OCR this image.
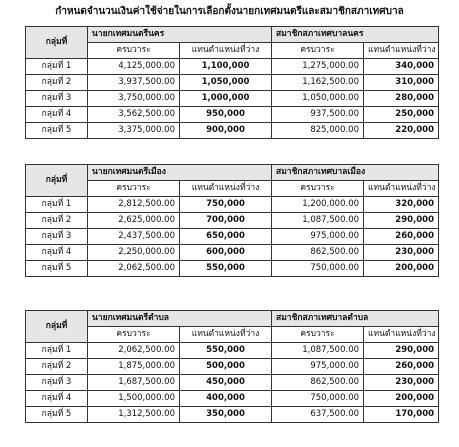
กำหนดจำนวนเงินค่าใช้จ่ายในการเลือกตั้งนายกเทศมนตรีและสมาชิกสภาเทศบาล
กลุ่มที่	นายกเทศมนตรีนคร		สมาชิกสภาเทศบาลนคร	
	ครบวาระ	แทนตำแหน่งที่ว่าง	ครบวาระ	แทนตำแหน่งที่ว่าง
กลุ่มที่ 1	4,125,000.00	1,100,000	1,275,000.00	340,000
กลุ่มที่ 2	3,937,500.00	1,050,000	1,162,500.00	310,000
กลุ่มที่ 3	3,750,000.00	1,000,000	1,050,000.00	280,000
กลุ่มที่ 4	3,562,500.00	950,000	937,500.00	250,000
กลุ่มที่ 5	3,375,000.00	900,000	825,000.00	220,000
กลุ่มที่	นายกเทศมนตรีเมือง		สมาชิกสภาเทศบาลเมือง	
	ครบวาระ	แทนตำแหน่งที่ว่าง	ครบวาระ	แทนตำแหน่งที่ว่าง
กลุ่มที่ 1	2,812,500.00	750,000	1,200,000.00	320,000
กลุ่มที่ 2	2,625,000.00	700,000	1,087,500.00	290,000
กลุ่มที่ 3	2,437,500.00	650,000	975,000.00	260,000
กลุ่มที่ 4	2,250,000.00	600,000	862,500.00	230,000
กลุ่มที่ 5	2,062,500.00	550,000	750,000.00	200,000
กลุ่มที่	นายกเทศมนตรีตำบล		สมาชิกสภาเทศบาลตำบล	
	ครบวาระ	แทนตำแหน่งที่ว่าง	ครบวาระ	แทนตำแหน่งที่ว่าง
กลุ่มที่ 1	2,062,500.00	550,000	1,087,500.00	290,000
กลุ่มที่ 2	1,875,000.00	500,000	975,000.00	260,000
กลุ่มที่ 3	1,687,500.00	450,000	862,500.00	230,000
กลุ่มที่ 4	1,500,000.00	400,000	750,000.00	200,000
กลุ่มที่ 5	1,312,500.00	350,000	637,500.00	170,000
